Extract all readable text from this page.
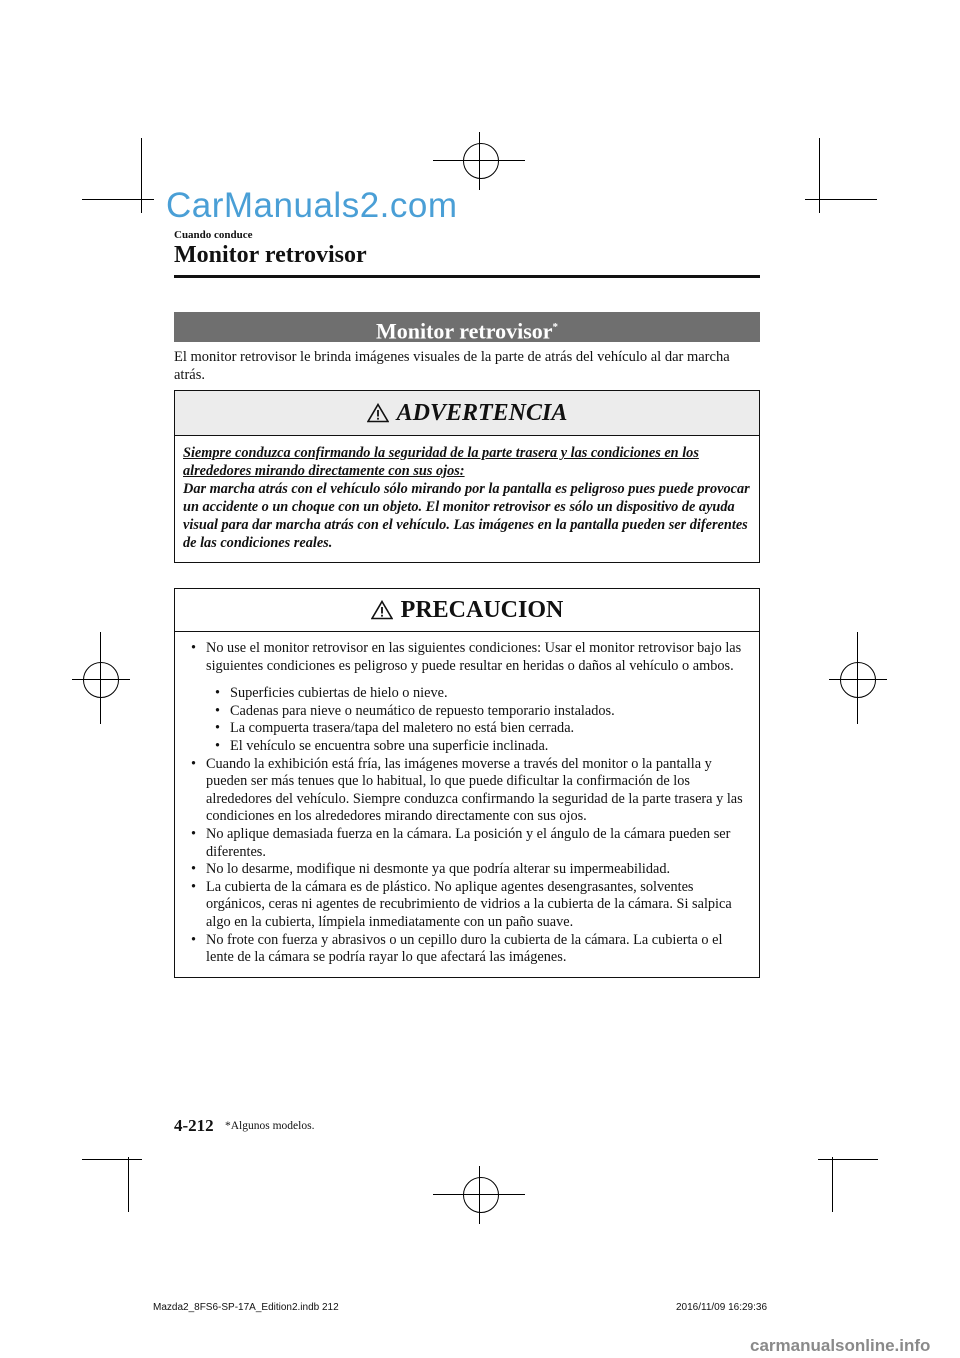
CarManuals2.com
Cuando conduce
Monitor retrovisor
Monitor retrovisor*
El monitor retrovisor le brinda imágenes visuales de la parte de atrás del vehículo al dar marcha atrás.
ADVERTENCIA
Siempre conduzca confirmando la seguridad de la parte trasera y las condiciones en los alrededores mirando directamente con sus ojos:
Dar marcha atrás con el vehículo sólo mirando por la pantalla es peligroso pues puede provocar un accidente o un choque con un objeto. El monitor retrovisor es sólo un dispositivo de ayuda visual para dar marcha atrás con el vehículo. Las imágenes en la pantalla pueden ser diferentes de las condiciones reales.
PRECAUCION
• No use el monitor retrovisor en las siguientes condiciones: Usar el monitor retrovisor bajo las siguientes condiciones es peligroso y puede resultar en heridas o daños al vehículo o ambos.
• Superficies cubiertas de hielo o nieve.
• Cadenas para nieve o neumático de repuesto temporario instalados.
• La compuerta trasera/tapa del maletero no está bien cerrada.
• El vehículo se encuentra sobre una superficie inclinada.
• Cuando la exhibición está fría, las imágenes moverse a través del monitor o la pantalla y pueden ser más tenues que lo habitual, lo que puede dificultar la confirmación de los alrededores del vehículo. Siempre conduzca confirmando la seguridad de la parte trasera y las condiciones en los alrededores mirando directamente con sus ojos.
• No aplique demasiada fuerza en la cámara. La posición y el ángulo de la cámara pueden ser diferentes.
• No lo desarme, modifique ni desmonte ya que podría alterar su impermeabilidad.
• La cubierta de la cámara es de plástico. No aplique agentes desengrasantes, solventes orgánicos, ceras ni agentes de recubrimiento de vidrios a la cubierta de la cámara. Si salpica algo en la cubierta, límpiela inmediatamente con un paño suave.
• No frote con fuerza y abrasivos o un cepillo duro la cubierta de la cámara. La cubierta o el lente de la cámara se podría rayar lo que afectará las imágenes.
4-212 *Algunos modelos.
Mazda2_8FS6-SP-17A_Edition2.indb 212	2016/11/09 16:29:36
carmanualsonline.info
